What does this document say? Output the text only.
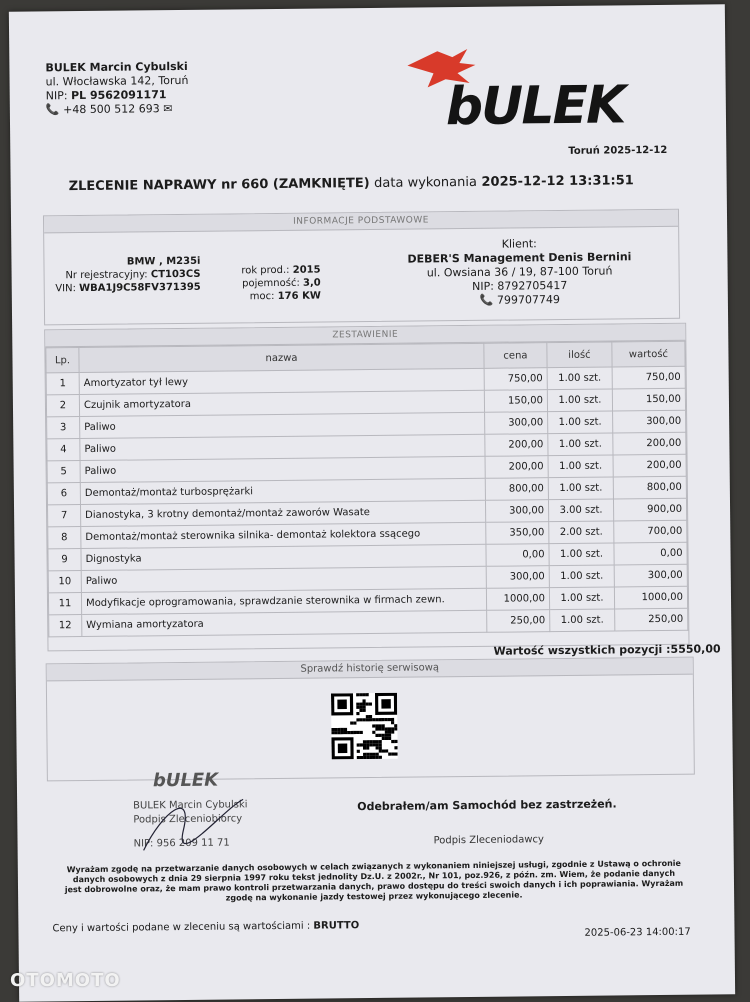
BULEK Marcin Cybulski
ul. Włocławska 142, Toruń
NIP: PL 9562091171
📞 +48 500 512 693 ✉	bULEK
Toruń 2025-12-12
ZLECENIE NAPRAWY nr 660 (ZAMKNIĘTE) data wykonania 2025-12-12 13:31:51
INFORMACJE PODSTAWOWE
BMW , M235i
Nr rejestracyjny: CT103CS
VIN: WBA1J9C58FV371395
rok prod.: 2015
pojemność: 3,0
moc: 176 KW
Klient:
DEBER'S Management Denis Bernini
ul. Owsiana 36 / 19, 87-100 Toruń
NIP: 8792705417
📞 799707749
ZESTAWIENIE
Lp.	nazwa	cena	ilość	wartość
1	Amortyzator tył lewy	750,00	1.00 szt.	750,00
2	Czujnik amortyzatora	150,00	1.00 szt.	150,00
3	Paliwo	300,00	1.00 szt.	300,00
4	Paliwo	200,00	1.00 szt.	200,00
5	Paliwo	200,00	1.00 szt.	200,00
6	Demontaż/montaż turbosprężarki	800,00	1.00 szt.	800,00
7	Dianostyka, 3 krotny demontaż/montaż zaworów Wasate	300,00	3.00 szt.	900,00
8	Demontaż/montaż sterownika silnika- demontaż kolektora ssącego	350,00	2.00 szt.	700,00
9	Dignostyka	0,00	1.00 szt.	0,00
10	Paliwo	300,00	1.00 szt.	300,00
11	Modyfikacje oprogramowania, sprawdzanie sterownika w firmach zewn.	1000,00	1.00 szt.	1000,00
12	Wymiana amortyzatora	250,00	1.00 szt.	250,00
Wartość wszystkich pozycji :5550,00
Sprawdź historię serwisową
bULEK
BULEK Marcin Cybulski
Podpis Zleceniobiorcy
NIP: 956 209 11 71
Odebrałem/am Samochód bez zastrzeżeń.
Podpis Zleceniodawcy
Wyrażam zgodę na przetwarzanie danych osobowych w celach związanych z wykonaniem niniejszej usługi, zgodnie z Ustawą o ochronie danych osobowych z dnia 29 sierpnia 1997 roku tekst jednolity Dz.U. z 2002r., Nr 101, poz.926, z późn. zm. Wiem, że podanie danych jest dobrowolne oraz, że mam prawo kontroli przetwarzania danych, prawo dostępu do treści swoich danych i ich poprawiania. Wyrażam zgodę na wykonanie jazdy testowej przez wykonującego zlecenie.
Ceny i wartości podane w zleceniu są wartościami : BRUTTO
2025-06-23 14:00:17
OTOMOTO
